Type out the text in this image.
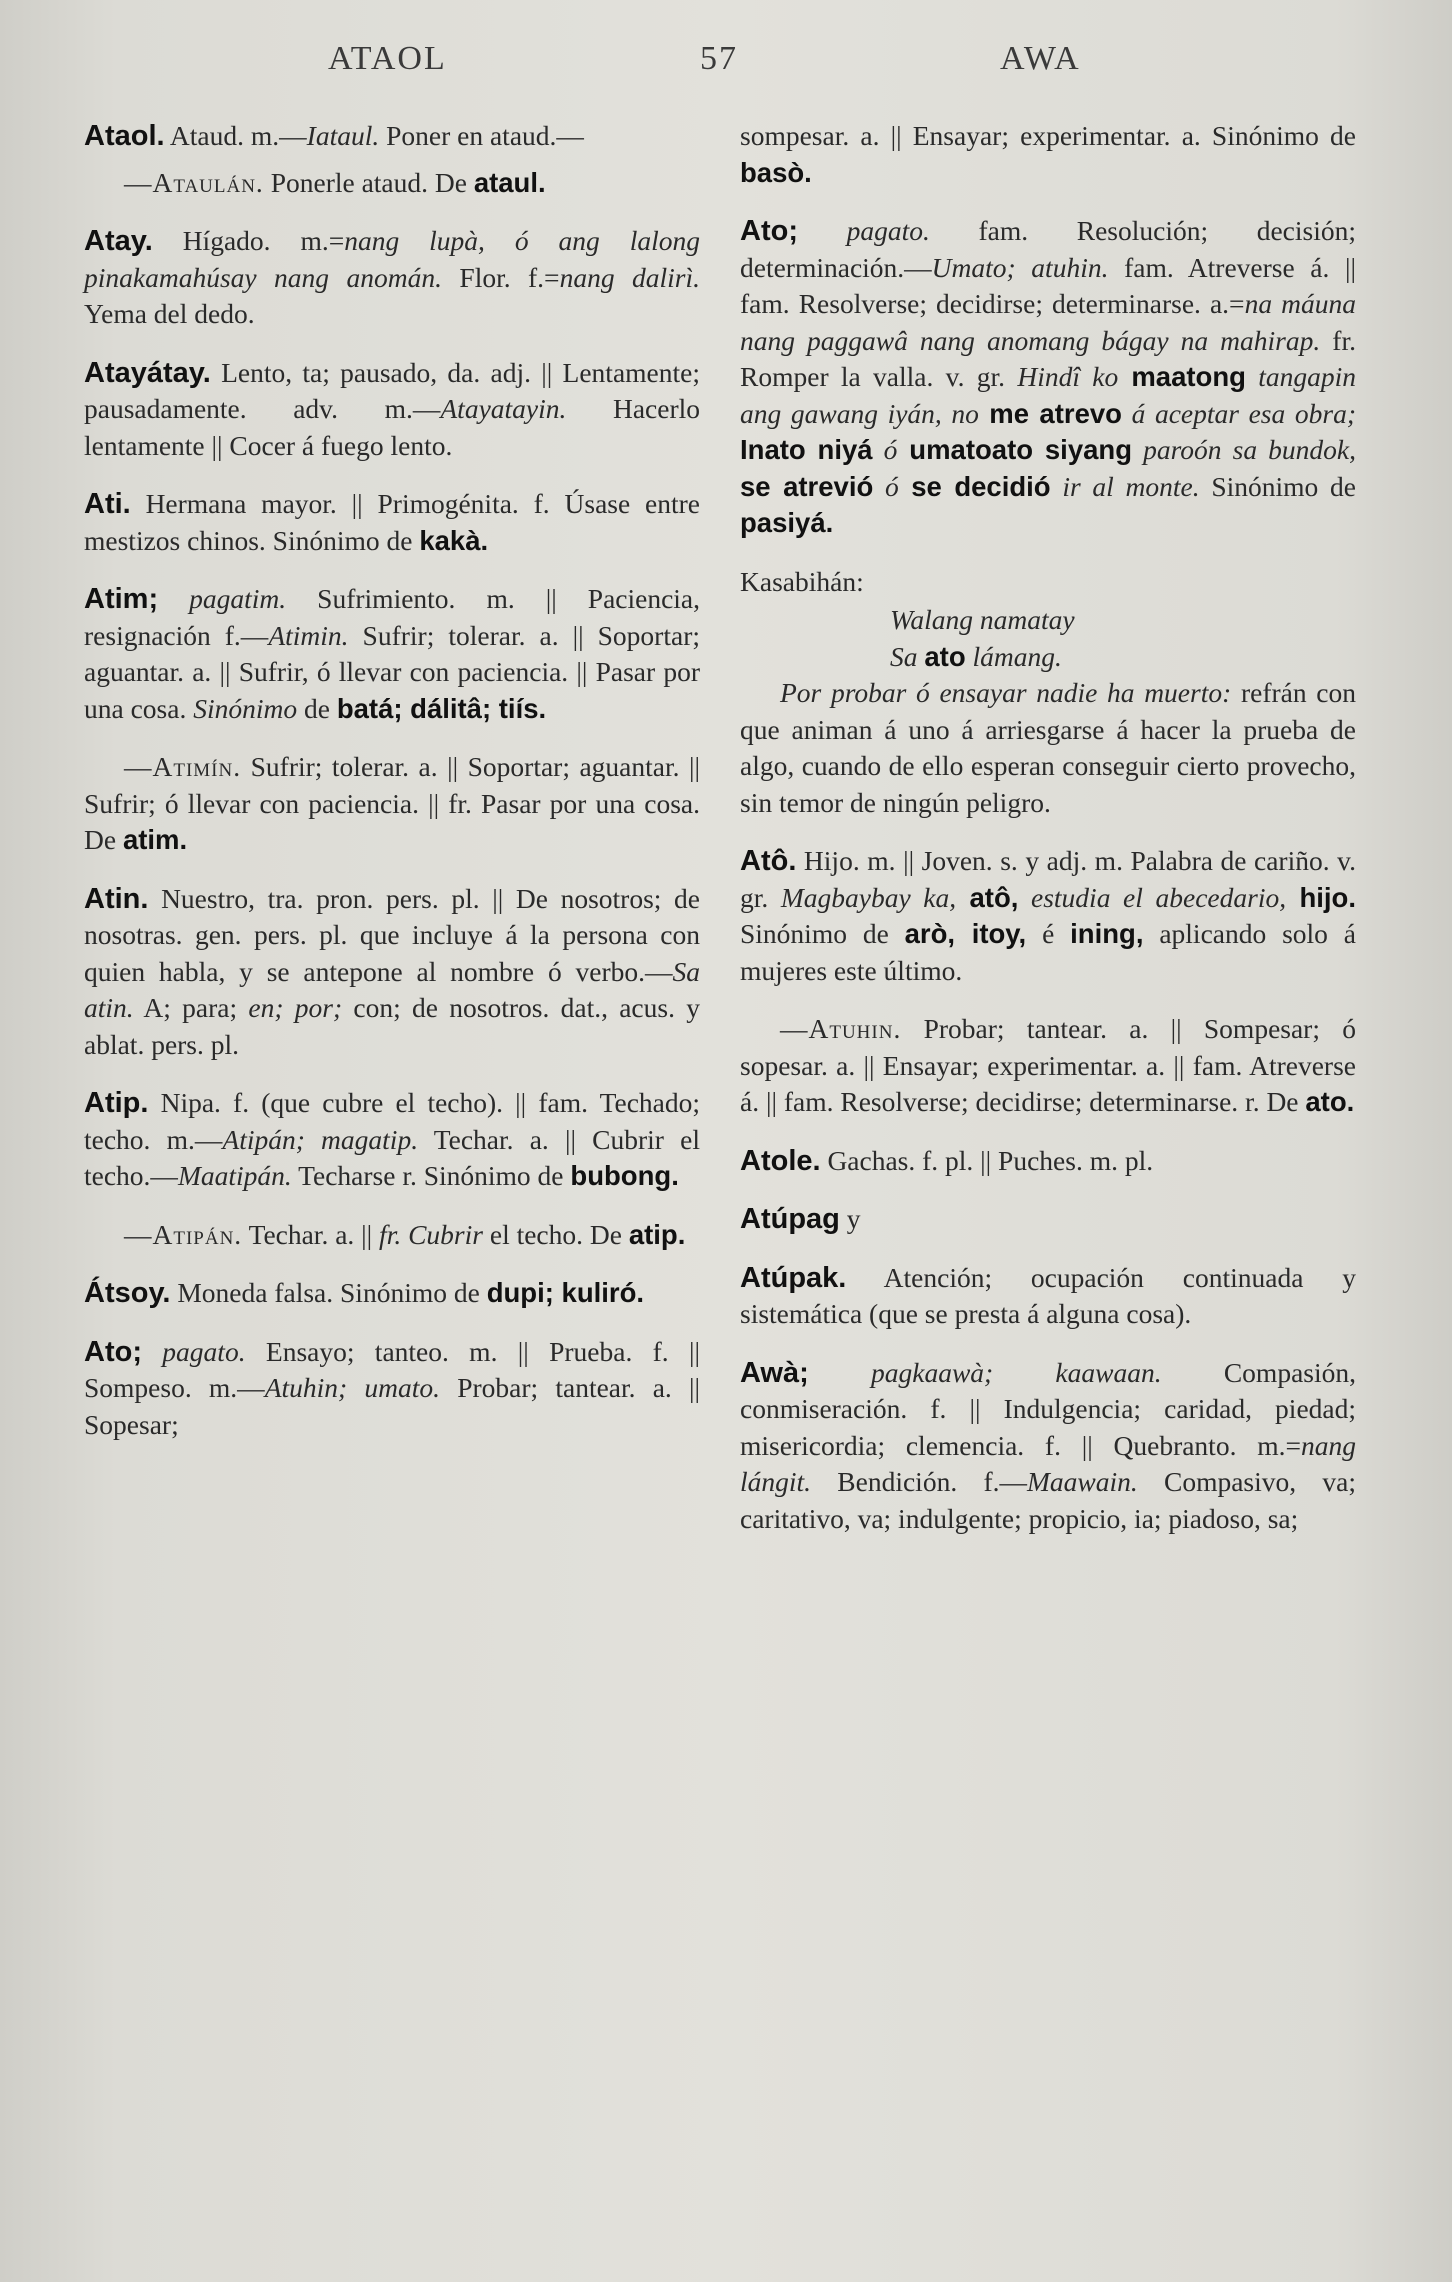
ATAOL	57	AWA
Ataol. Ataud. m.—Iataul. Poner en ataud.—
—Ataulán. Ponerle ataud. De ataul.
Atay. Hígado. m.=nang lupà, ó ang lalong pinakamahúsay nang anomán. Flor. f.=nang dalirì. Yema del dedo.
Atayátay. Lento, ta; pausado, da. adj. || Lentamente; pausadamente. adv. m.—Atayatayin. Hacerlo lentamente || Cocer á fuego lento.
Ati. Hermana mayor. || Primogénita. f. Úsase entre mestizos chinos. Sinónimo de kakà.
Atim; pagatim. Sufrimiento. m. || Paciencia, resignación f.—Atimin. Sufrir; tolerar. a. || Soportar; aguantar. a. || Sufrir, ó llevar con paciencia. || Pasar por una cosa. Sinónimo de batá; dálitâ; tiís.
—Atimín. Sufrir; tolerar. a. || Soportar; aguantar. || Sufrir; ó llevar con paciencia. || fr. Pasar por una cosa. De atim.
Atin. Nuestro, tra. pron. pers. pl. || De nosotros; de nosotras. gen. pers. pl. que incluye á la persona con quien habla, y se antepone al nombre ó verbo.—Sa atin. A; para; en; por; con; de nosotros. dat., acus. y ablat. pers. pl.
Atip. Nipa. f. (que cubre el techo). || fam. Techado; techo. m.—Atipán; magatip. Techar. a. || Cubrir el techo.—Maatipán. Techarse r. Sinónimo de bubong.
—Atipán. Techar. a. || fr. Cubrir el techo. De atip.
Átsoy. Moneda falsa. Sinónimo de dupi; kuliró.
Ato; pagato. Ensayo; tanteo. m. || Prueba. f. || Sompeso. m.—Atuhin; umato. Probar; tantear. a. || Sopesar;
sompesar. a. || Ensayar; experimentar. a. Sinónimo de basò.
Ato; pagato. fam. Resolución; decisión; determinación.—Umato; atuhin. fam. Atreverse á. || fam. Resolverse; decidirse; determinarse. a.=na máuna nang paggawâ nang anomang bágay na mahirap. fr. Romper la valla. v. gr. Hindî ko maatong tangapin ang gawang iyán, no me atrevo á aceptar esa obra; Inato niyá ó umatoato siyang paroón sa bundok, se atrevió ó se decidió ir al monte. Sinónimo de pasiyá.
Kasabihán:
Walang namatay
Sa ato lámang.
Por probar ó ensayar nadie ha muerto: refrán con que animan á uno á arriesgarse á hacer la prueba de algo, cuando de ello esperan conseguir cierto provecho, sin temor de ningún peligro.
Atô. Hijo. m. || Joven. s. y adj. m. Palabra de cariño. v. gr. Magbaybay ka, atô, estudia el abecedario, hijo. Sinónimo de arò, itoy, é ining, aplicando solo á mujeres este último.
—Atuhin. Probar; tantear. a. || Sompesar; ó sopesar. a. || Ensayar; experimentar. a. || fam. Atreverse á. || fam. Resolverse; decidirse; determinarse. r. De ato.
Atole. Gachas. f. pl. || Puches. m. pl.
Atúpag y
Atúpak. Atención; ocupación continuada y sistemática (que se presta á alguna cosa).
Awà; pagkaawà; kaawaan. Compasión, conmiseración. f. || Indulgencia; caridad, piedad; misericordia; clemencia. f. || Quebranto. m.=nang lángit. Bendición. f.—Maawain. Compasivo, va; caritativo, va; indulgente; propicio, ia; piadoso, sa;
